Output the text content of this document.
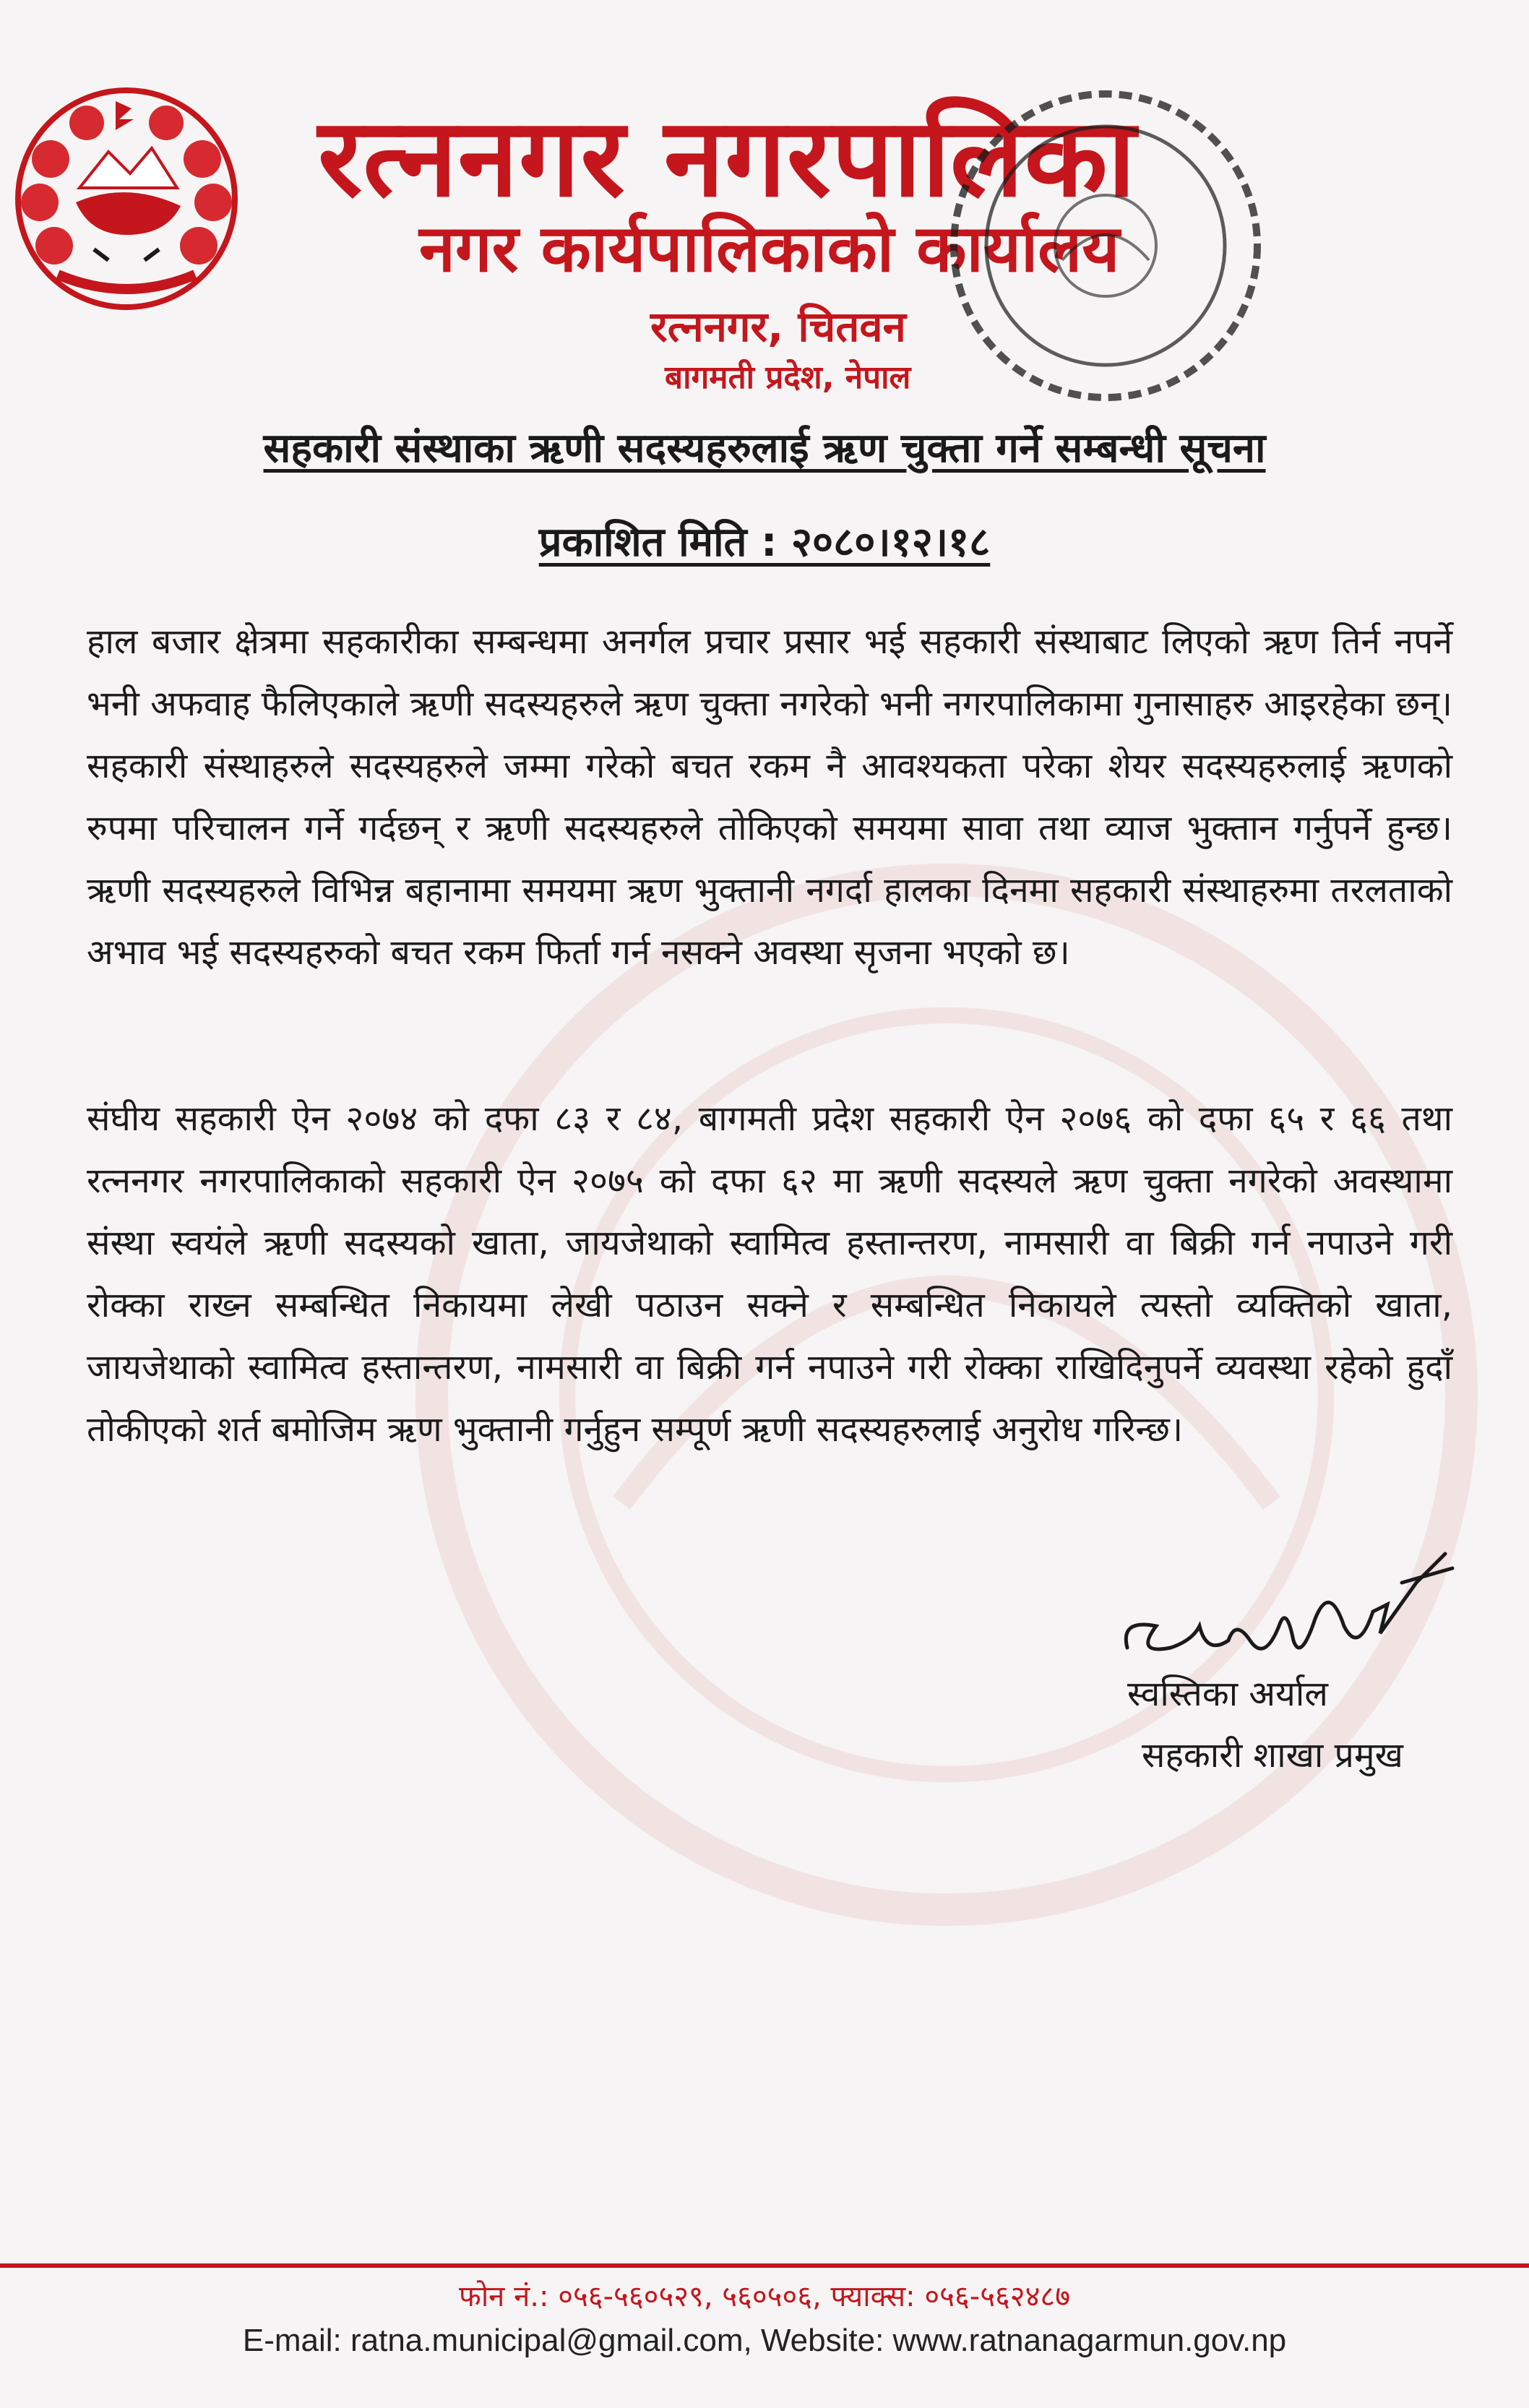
रत्ननगर नगरपालिका
नगर कार्यपालिकाको कार्यालय
रत्ननगर, चितवन
बागमती प्रदेश, नेपाल
सहकारी संस्थाका ऋणी सदस्यहरुलाई ऋण चुक्ता गर्ने सम्बन्धी सूचना
प्रकाशित मिति : २०८०।१२।१८
हाल बजार क्षेत्रमा सहकारीका सम्बन्धमा अनर्गल प्रचार प्रसार भई सहकारी संस्थाबाट लिएको ऋण तिर्न नपर्ने भनी अफवाह फैलिएकाले ऋणी सदस्यहरुले ऋण चुक्ता नगरेको भनी नगरपालिकामा गुनासाहरु आइरहेका छन्। सहकारी संस्थाहरुले सदस्यहरुले जम्मा गरेको बचत रकम नै आवश्यकता परेका शेयर सदस्यहरुलाई ऋणको रुपमा परिचालन गर्ने गर्दछन् र ऋणी सदस्यहरुले तोकिएको समयमा सावा तथा व्याज भुक्तान गर्नुपर्ने हुन्छ। ऋणी सदस्यहरुले विभिन्न बहानामा समयमा ऋण भुक्तानी नगर्दा हालका दिनमा सहकारी संस्थाहरुमा तरलताको अभाव भई सदस्यहरुको बचत रकम फिर्ता गर्न नसक्ने अवस्था सृजना भएको छ।
संघीय सहकारी ऐन २०७४ को दफा ८३ र ८४, बागमती प्रदेश सहकारी ऐन २०७६ को दफा ६५ र ६६ तथा रत्ननगर नगरपालिकाको सहकारी ऐन २०७५ को दफा ६२ मा ऋणी सदस्यले ऋण चुक्ता नगरेको अवस्थामा संस्था स्वयंले ऋणी सदस्यको खाता, जायजेथाको स्वामित्व हस्तान्तरण, नामसारी वा बिक्री गर्न नपाउने गरी रोक्का राख्न सम्बन्धित निकायमा लेखी पठाउन सक्ने र सम्बन्धित निकायले त्यस्तो व्यक्तिको खाता, जायजेथाको स्वामित्व हस्तान्तरण, नामसारी वा बिक्री गर्न नपाउने गरी रोक्का राखिदिनुपर्ने व्यवस्था रहेको हुदाँ तोकीएको शर्त बमोजिम ऋण भुक्तानी गर्नुहुन सम्पूर्ण ऋणी सदस्यहरुलाई अनुरोध गरिन्छ।
स्वस्तिका अर्याल
सहकारी शाखा प्रमुख
फोन नं.: ०५६-५६०५२९, ५६०५०६, फ्याक्स: ०५६-५६२४८७
E-mail: ratna.municipal@gmail.com, Website: www.ratnanagarmun.gov.np
